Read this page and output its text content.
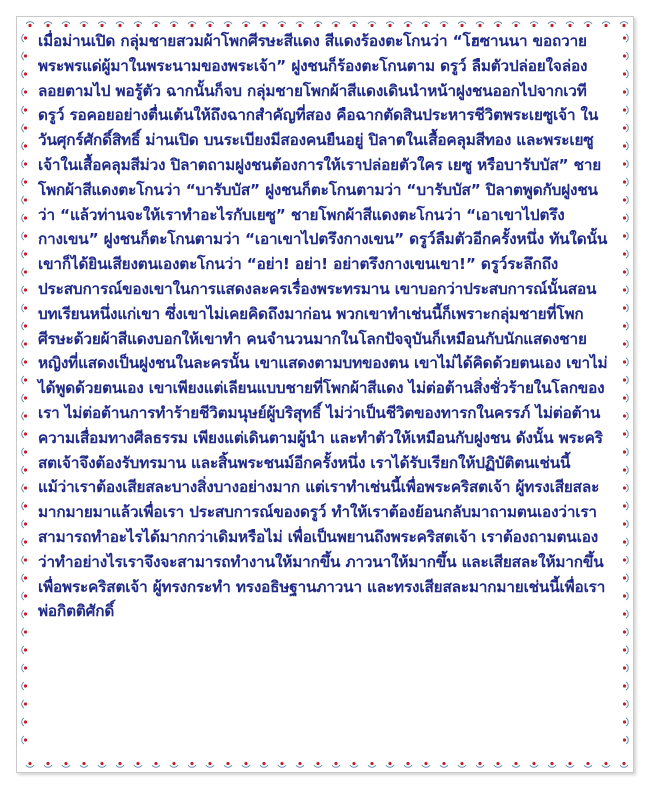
เมื่อม่านเปิด กลุ่มชายสวมผ้าโพกศีรษะสีแดง สีแดงร้องตะโกนว่า “โฮซานนา ขอถวายพระพรแด่ผู้มาในพระนามของพระเจ้า” ฝูงชนก็ร้องตะโกนตาม ดรูว์ ลืมตัวปล่อยใจล่องลอยตามไป พอรู้ตัว ฉากนั้นก็จบ กลุ่มชายโพกผ้าสีแดงเดินนำหน้าฝูงชนออกไปจากเวที ดรูว์ รอคอยอย่างตื่นเต้นให้ถึงฉากสำคัญที่สอง คือฉากตัดสินประหารชีวิตพระเยซูเจ้า ในวันศุกร์ศักดิ์สิทธิ์ ม่านเปิด บนระเบียงมีสองคนยืนอยู่ ปิลาตในเสื้อคลุมสีทอง และพระเยซูเจ้าในเสื้อคลุมสีม่วง ปิลาตถามฝูงชนต้องการให้เราปล่อยตัวใคร เยซู หรือบารับบัส” ชายโพกผ้าสีแดงตะโกนว่า “บารับบัส” ฝูงชนก็ตะโกนตามว่า “บารับบัส” ปิลาตพูดกับฝูงชนว่า “แล้วท่านจะให้เราทำอะไรกับเยซู” ชายโพกผ้าสีแดงตะโกนว่า “เอาเขาไปตรึงกางเขน” ฝูงชนก็ตะโกนตามว่า “เอาเขาไปตรึงกางเขน” ดรูว์ลืมตัวอีกครั้งหนึ่ง ทันใดนั้นเขาก็ได้ยินเสียงตนเองตะโกนว่า “อย่า! อย่า! อย่าตรึงกางเขนเขา!” ดรูว์ระลึกถึงประสบการณ์ของเขาในการแสดงละครเรื่องพระทรมาน เขาบอกว่าประสบการณ์นั้นสอนบทเรียนหนึ่งแก่เขา ซึ่งเขาไม่เคยคิดถึงมาก่อน พวกเขาทำเช่นนี้ก็เพราะกลุ่มชายที่โพกศีรษะด้วยผ้าสีแดงบอกให้เขาทำ คนจำนวนมากในโลกปัจจุบันก็เหมือนกับนักแสดงชายหญิงที่แสดงเป็นฝูงชนในละครนั้น เขาแสดงตามบทของตน เขาไม่ได้คิดด้วยตนเอง เขาไม่ได้พูดด้วยตนเอง เขาเพียงแต่เลียนแบบชายที่โพกผ้าสีแดง ไม่ต่อต้านสิ่งชั่วร้ายในโลกของเรา ไม่ต่อต้านการทำร้ายชีวิตมนุษย์ผู้บริสุทธิ์ ไม่ว่าเป็นชีวิตของทารกในครรภ์ ไม่ต่อต้านความเสื่อมทางศีลธรรม เพียงแต่เดินตามผู้นำ และทำตัวให้เหมือนกับฝูงชน ดังนั้น พระคริสตเจ้าจึงต้องรับทรมาน และสิ้นพระชนม์อีกครั้งหนึ่ง เราได้รับเรียกให้ปฏิบัติตนเช่นนี้ แม้ว่าเราต้องเสียสละบางสิ่งบางอย่างมาก แต่เราทำเช่นนี้เพื่อพระคริสตเจ้า ผู้ทรงเสียสละมากมายมาแล้วเพื่อเรา ประสบการณ์ของดรูว์ ทำให้เราต้องย้อนกลับมาถามตนเองว่าเราสามารถทำอะไรได้มากกว่าเดิมหรือไม่ เพื่อเป็นพยานถึงพระคริสตเจ้า เราต้องถามตนเองว่าทำอย่างไรเราจึงจะสามารถทำงานให้มากขึ้น ภาวนาให้มากขึ้น และเสียสละให้มากขึ้นเพื่อพระคริสตเจ้า ผู้ทรงกระทำ ทรงอธิษฐานภาวนา และทรงเสียสละมากมายเช่นนี้เพื่อเรา พ่อกิตติศักดิ์
